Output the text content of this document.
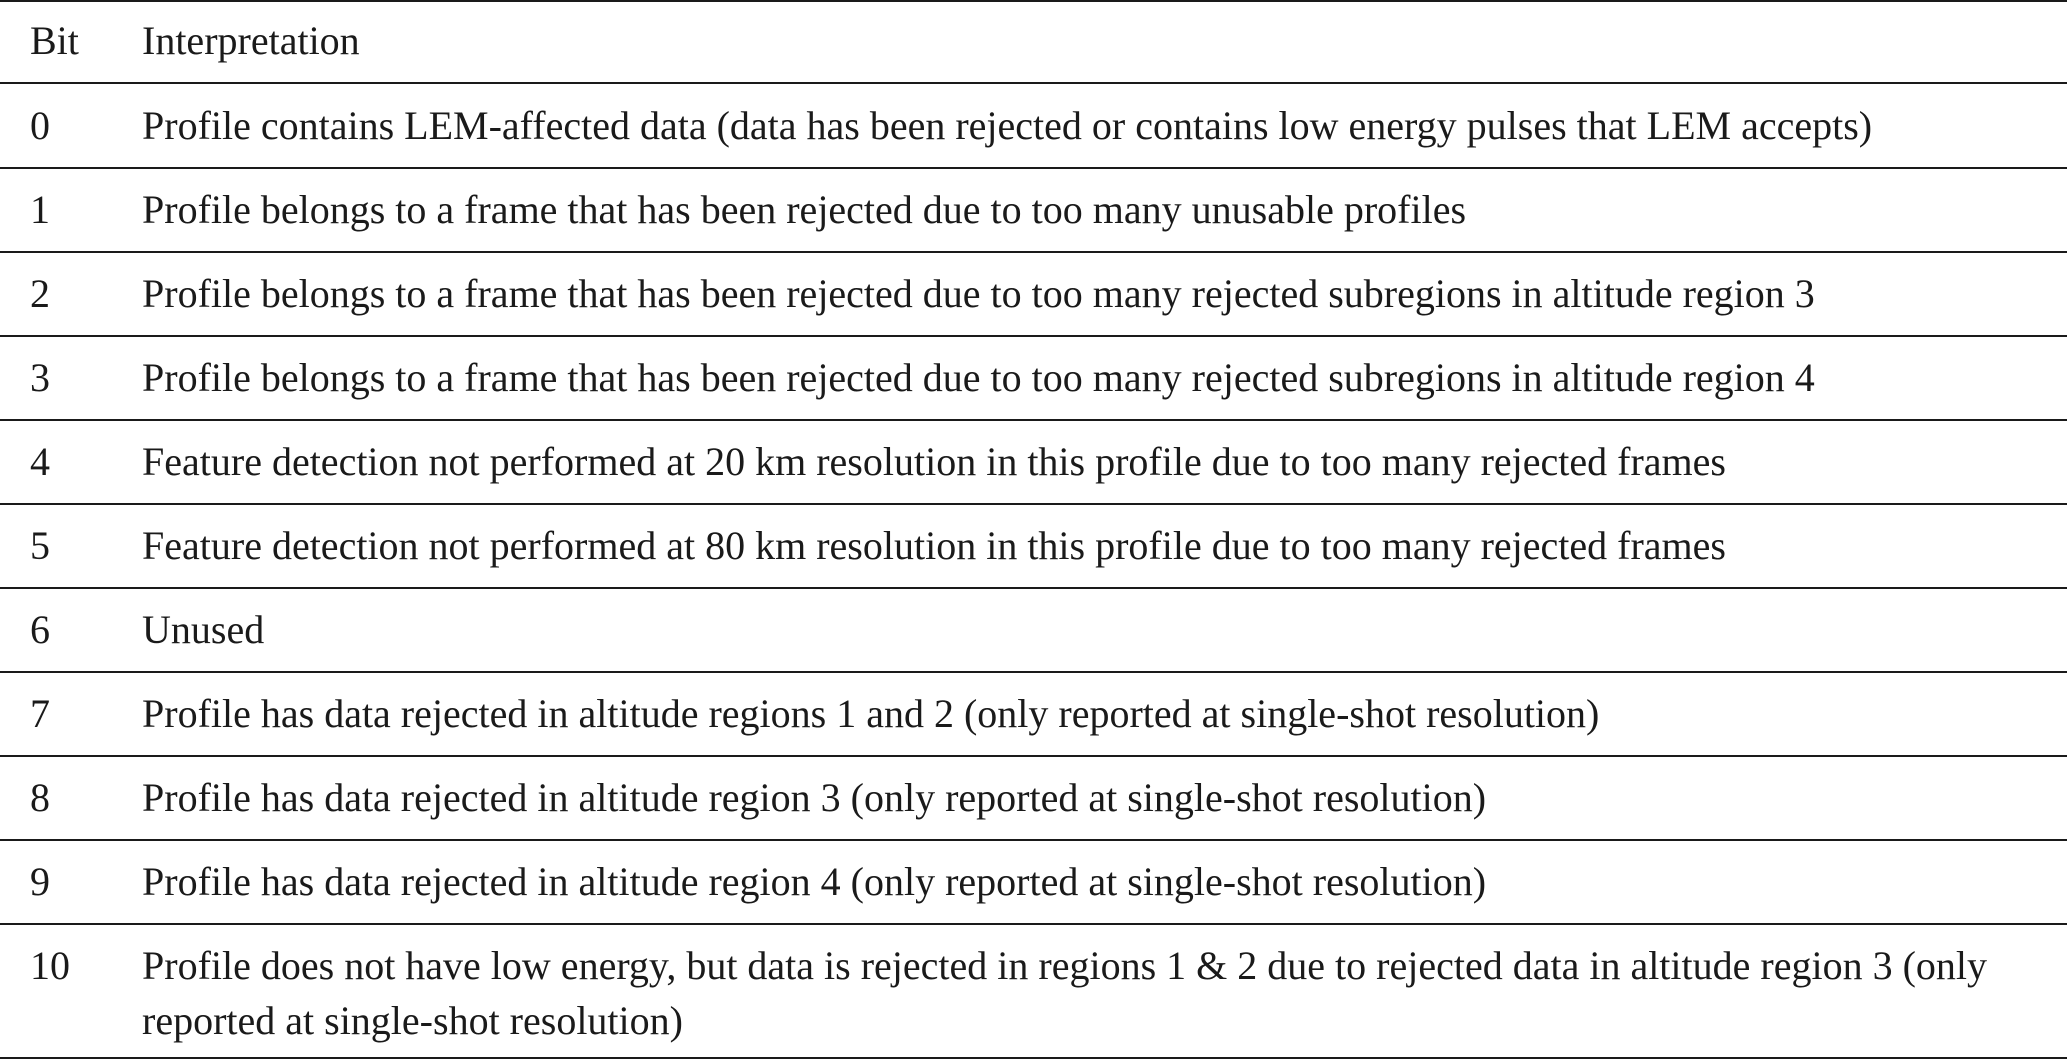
Bit Interpretation
0 Profile contains LEM-affected data (data has been rejected or contains low energy pulses that LEM accepts)
1 Profile belongs to a frame that has been rejected due to too many unusable profiles
2 Profile belongs to a frame that has been rejected due to too many rejected subregions in altitude region 3
3 Profile belongs to a frame that has been rejected due to too many rejected subregions in altitude region 4
4 Feature detection not performed at 20 km resolution in this profile due to too many rejected frames
5 Feature detection not performed at 80 km resolution in this profile due to too many rejected frames
6 Unused
7 Profile has data rejected in altitude regions 1 and 2 (only reported at single-shot resolution)
8 Profile has data rejected in altitude region 3 (only reported at single-shot resolution)
9 Profile has data rejected in altitude region 4 (only reported at single-shot resolution)
10 Profile does not have low energy, but data is rejected in regions 1 & 2 due to rejected data in altitude region 3 (only reported at single-shot resolution)
